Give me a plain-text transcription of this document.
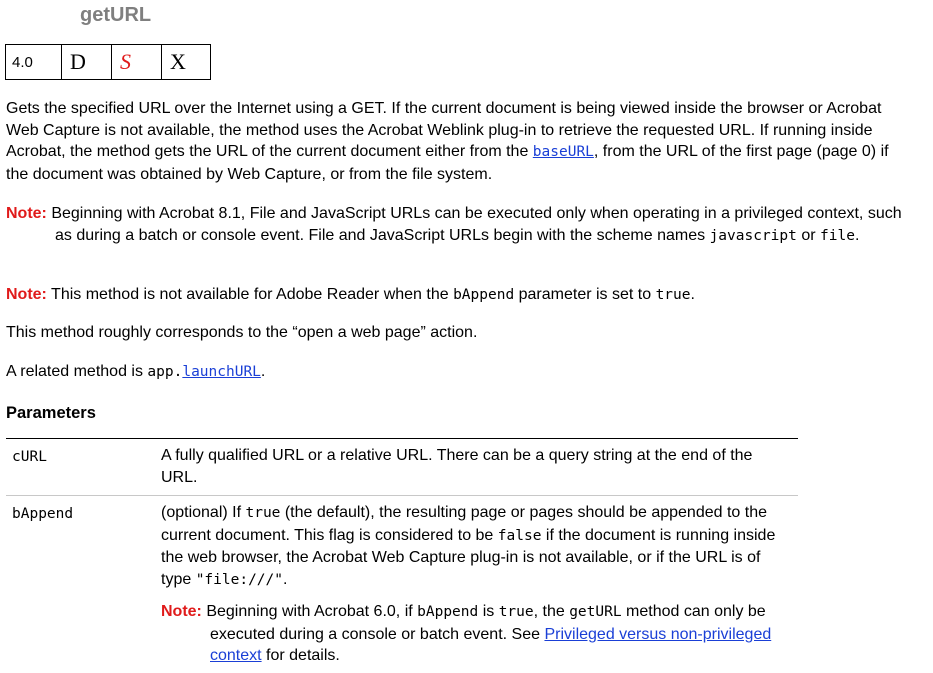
getURL
4.0	D	S	X
Gets the specified URL over the Internet using a GET. If the current document is being viewed inside the browser or Acrobat Web Capture is not available, the method uses the Acrobat Weblink plug-in to retrieve the requested URL. If running inside Acrobat, the method gets the URL of the current document either from the baseURL, from the URL of the first page (page 0) if the document was obtained by Web Capture, or from the file system.
Note: Beginning with Acrobat 8.1, File and JavaScript URLs can be executed only when operating in a privileged context, such as during a batch or console event. File and JavaScript URLs begin with the scheme names javascript or file.
Note: This method is not available for Adobe Reader when the bAppend parameter is set to true.
This method roughly corresponds to the “open a web page” action.
A related method is app.launchURL.
Parameters
cURL	A fully qualified URL or a relative URL. There can be a query string at the end of the URL.
bAppend	(optional) If true (the default), the resulting page or pages should be appended to the current document. This flag is considered to be false if the document is running inside the web browser, the Acrobat Web Capture plug-in is not available, or if the URL is of type "file:///".
Note: Beginning with Acrobat 6.0, if bAppend is true, the getURL method can only be executed during a console or batch event. See Privileged versus non-privileged context for details.
